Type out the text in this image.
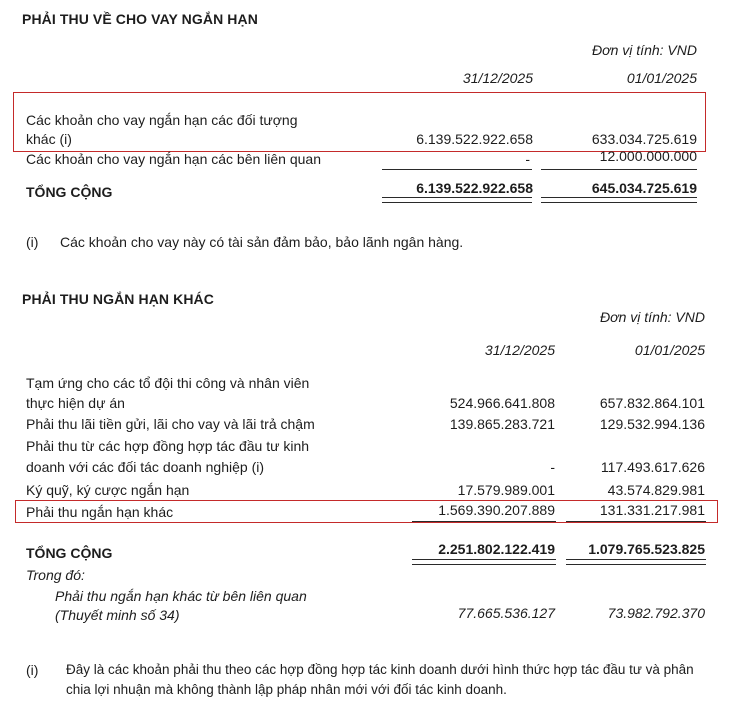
PHẢI THU VỀ CHO VAY NGẮN HẠN
Đơn vị tính: VND
31/12/2025	01/01/2025
Các khoản cho vay ngắn hạn các đối tượng
khác (i)	6.139.522.922.658	633.034.725.619
Các khoản cho vay ngắn hạn các bên liên quan	-	12.000.000.000
TỔNG CỘNG	6.139.522.922.658	645.034.725.619
(i) Các khoản cho vay này có tài sản đảm bảo, bảo lãnh ngân hàng.
PHẢI THU NGẮN HẠN KHÁC
Đơn vị tính: VND
31/12/2025	01/01/2025
Tạm ứng cho các tổ đội thi công và nhân viên
thực hiện dự án	524.966.641.808	657.832.864.101
Phải thu lãi tiền gửi, lãi cho vay và lãi trả chậm	139.865.283.721	129.532.994.136
Phải thu từ các hợp đồng hợp tác đầu tư kinh
doanh với các đối tác doanh nghiệp (i)	-	117.493.617.626
Ký quỹ, ký cược ngắn hạn	17.579.989.001	43.574.829.981
Phải thu ngắn hạn khác	1.569.390.207.889	131.331.217.981
TỔNG CỘNG	2.251.802.122.419 1.079.765.523.825
Trong đó:
Phải thu ngắn hạn khác từ bên liên quan
(Thuyết minh số 34)	77.665.536.127	73.982.792.370
(i) Đây là các khoản phải thu theo các hợp đồng hợp tác kinh doanh dưới hình thức hợp tác đầu tư và phân chia lợi nhuận mà không thành lập pháp nhân mới với đối tác kinh doanh.
